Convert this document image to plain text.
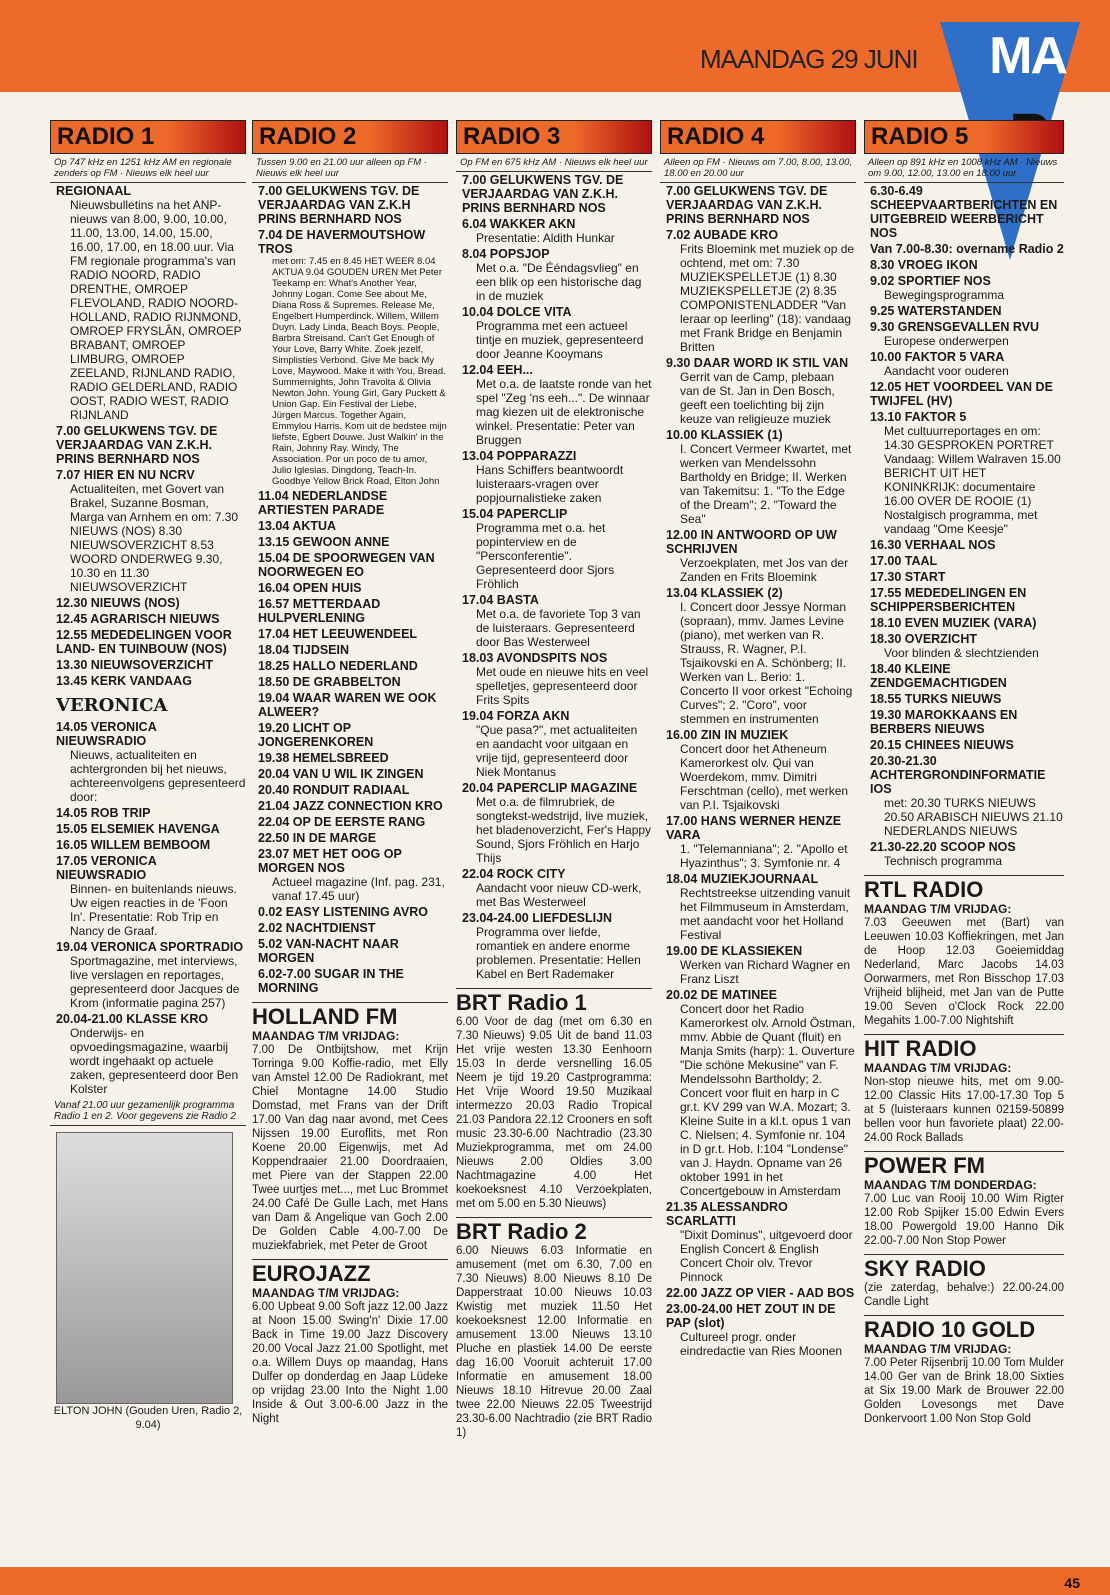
MAANDAG 29 JUNI MA
RADIO 1
Op 747 kHz en 1251 kHz AM en regionale zenders op FM · Nieuws elk heel uur
REGIONAAL
Nieuwsbulletins na het ANP-nieuws van 8.00, 9.00, 10.00, 11.00, 13.00, 14.00, 15.00, 16.00, 17.00, en 18.00 uur. Via FM regionale programma's van RADIO NOORD, RADIO DRENTHE, OMROEP FLEVOLAND, RADIO NOORD-HOLLAND, RADIO RIJNMOND, OMROEP FRYSLÂN, OMROEP BRABANT, OMROEP LIMBURG, OMROEP ZEELAND, RIJNLAND RADIO, RADIO GELDERLAND, RADIO OOST, RADIO WEST, RADIO RIJNLAND
7.00 GELUKWENS TGV. DE VERJAARDAG VAN Z.K.H. PRINS BERNHARD NOS
7.07 HIER EN NU NCRV
Actualiteiten, met Govert van Brakel, Suzanne Bosman, Marga van Arnhem en om: 7.30 NIEUWS (NOS) 8.30 NIEUWSOVERZICHT 8.53 WOORD ONDERWEG 9.30, 10.30 en 11.30 NIEUWSOVERZICHT
12.30 NIEUWS (NOS)
12.45 AGRARISCH NIEUWS
12.55 MEDEDELINGEN VOOR LAND- EN TUINBOUW (NOS)
13.30 NIEUWSOVERZICHT
13.45 KERK VANDAAG
VERONICA
14.05 VERONICA NIEUWSRADIO
Nieuws, actualiteiten en achtergronden bij het nieuws, achtereenvolgens gepresenteerd door:
14.05 ROB TRIP
15.05 ELSEMIEK HAVENGA
16.05 WILLEM BEMBOOM
17.05 VERONICA NIEUWSRADIO
Binnen- en buitenlands nieuws. Uw eigen reacties in de 'Foon In'. Presentatie: Rob Trip en Nancy de Graaf.
19.04 VERONICA SPORTRADIO
Sportmagazine, met interviews, live verslagen en reportages, gepresenteerd door Jacques de Krom (informatie pagina 257)
20.04-21.00 KLASSE KRO
Onderwijs- en opvoedingsmagazine, waarbij wordt ingehaakt op actuele zaken, gepresenteerd door Ben Kolster
Vanaf 21.00 uur gezamenlijk programma Radio 1 en 2. Voor gegevens zie Radio 2
ELTON JOHN (Gouden Uren, Radio 2, 9.04)
RADIO 2
Tussen 9.00 en 21.00 uur alleen op FM · Nieuws elk heel uur
7.00 GELUKWENS TGV. DE VERJAARDAG VAN Z.K.H PRINS BERNHARD NOS
7.04 DE HAVERMOUTSHOW TROS
met om: 7.45 en 8.45 HET WEER 8.04 AKTUA 9.04 GOUDEN UREN Met Peter Teekamp en: What's Another Year, Johnny Logan. Come See about Me, Diana Ross & Supremes. Release Me, Engelbert Humperdinck. Willem, Willem Duyn. Lady Linda, Beach Boys. People, Barbra Streisand. Can't Get Enough of Your Love, Barry White. Zoek jezelf, Simplisties Verbond. Give Me back My Love, Maywood. Make it with You, Bread. Summernights, John Travolta & Olivia Newton John. Young Girl, Gary Puckett & Union Gap. Ein Festival der Liebe, Jürgen Marcus. Together Again, Emmylou Harris. Kom uit de bedstee mijn liefste, Egbert Douwe. Just Walkin' in the Rain, Johnny Ray. Windy, The Association. Por un poco de tu amor, Julio Iglesias. Dingdong, Teach-In. Goodbye Yellow Brick Road, Elton John
11.04 NEDERLANDSE ARTIESTEN PARADE
13.04 AKTUA
13.15 GEWOON ANNE
15.04 DE SPOORWEGEN VAN NOORWEGEN EO
16.04 OPEN HUIS
16.57 METTERDAAD HULPVERLENING
17.04 HET LEEUWENDEEL
18.04 TIJDSEIN
18.25 HALLO NEDERLAND
18.50 DE GRABBELTON
19.04 WAAR WAREN WE OOK ALWEER?
19.20 LICHT OP JONGERENKOREN
19.38 HEMELSBREED
20.04 VAN U WIL IK ZINGEN
20.40 RONDUIT RADIAAL
21.04 JAZZ CONNECTION KRO
22.04 OP DE EERSTE RANG
22.50 IN DE MARGE
23.07 MET HET OOG OP MORGEN NOS
Actueel magazine (Inf. pag. 231, vanaf 17.45 uur)
0.02 EASY LISTENING AVRO
2.02 NACHTDIENST
5.02 VAN-NACHT NAAR MORGEN
6.02-7.00 SUGAR IN THE MORNING
HOLLAND FM
MAANDAG T/M VRIJDAG:
7.00 De Ontbijtshow, met Krijn Torringa 9.00 Koffie-radio, met Elly van Amstel 12.00 De Radiokrant, met Chiel Montagne 14.00 Studio Domstad, met Frans van der Drift 17.00 Van dag naar avond, met Cees Nijssen 19.00 Euroflits, met Ron Koene 20.00 Eigenwijs, met Ad Koppendraaier 21.00 Doordraaien, met Piere van der Stappen 22.00 Twee uurtjes met..., met Luc Brommet 24.00 Café De Gulle Lach, met Hans van Dam & Angelique van Goch 2.00 De Golden Cable 4.00-7.00 De muziekfabriek, met Peter de Groot
EUROJAZZ
MAANDAG T/M VRIJDAG:
6.00 Upbeat 9.00 Soft jazz 12.00 Jazz at Noon 15.00 Swing'n' Dixie 17.00 Back in Time 19.00 Jazz Discovery 20.00 Vocal Jazz 21.00 Spotlight, met o.a. Willem Duys op maandag, Hans Dulfer op donderdag en Jaap Lüdeke op vrijdag 23.00 Into the Night 1.00 Inside & Out 3.00-6.00 Jazz in the Night
RADIO 3
Op FM en 675 kHz AM · Nieuws elk heel uur
7.00 GELUKWENS TGV. DE VERJAARDAG VAN Z.K.H. PRINS BERNHARD NOS
6.04 WAKKER AKN
Presentatie: Aldith Hunkar
8.04 POPSJOP
Met o.a. "De Ééndagsvlieg" en een blik op een historische dag in de muziek
10.04 DOLCE VITA
Programma met een actueel tintje en muziek, gepresenteerd door Jeanne Kooymans
12.04 EEH...
Met o.a. de laatste ronde van het spel "Zeg 'ns eeh...". De winnaar mag kiezen uit de elektronische winkel. Presentatie: Peter van Bruggen
13.04 POPPARAZZI
Hans Schiffers beantwoordt luisteraars-vragen over popjournalistieke zaken
15.04 PAPERCLIP
Programma met o.a. het popinterview en de "Persconferentie". Gepresenteerd door Sjors Fröhlich
17.04 BASTA
Met o.a. de favoriete Top 3 van de luisteraars. Gepresenteerd door Bas Westerweel
18.03 AVONDSPITS NOS
Met oude en nieuwe hits en veel spelletjes, gepresenteerd door Frits Spits
19.04 FORZA AKN
"Que pasa?", met actualiteiten en aandacht voor uitgaan en vrije tijd, gepresenteerd door Niek Montanus
20.04 PAPERCLIP MAGAZINE
Met o.a. de filmrubriek, de songtekst-wedstrijd, live muziek, het bladenoverzicht, Fer's Happy Sound, Sjors Fröhlich en Harjo Thijs
22.04 ROCK CITY
Aandacht voor nieuw CD-werk, met Bas Westerweel
23.04-24.00 LIEFDESLIJN
Programma over liefde, romantiek en andere enorme problemen. Presentatie: Hellen Kabel en Bert Rademaker
BRT Radio 1
6.00 Voor de dag (met om 6.30 en 7.30 Nieuws) 9.05 Uit de band 11.03 Het vrije westen 13.30 Eenhoorn 15.03 In derde versnelling 16.05 Neem je tijd 19.20 Castprogramma: Het Vrije Woord 19.50 Muzikaal intermezzo 20.03 Radio Tropical 21.03 Pandora 22.12 Crooners en soft music 23.30-6.00 Nachtradio (23.30 Muziekprogramma, met om 24.00 Nieuws 2.00 Oldies 3.00 Nachtmagazine 4.00 Het koekoeksnest 4.10 Verzoekplaten, met om 5.00 en 5.30 Nieuws)
BRT Radio 2
6.00 Nieuws 6.03 Informatie en amusement (met om 6.30, 7.00 en 7.30 Nieuws) 8.00 Nieuws 8.10 De Dapperstraat 10.00 Nieuws 10.03 Kwistig met muziek 11.50 Het koekoeksnest 12.00 Informatie en amusement 13.00 Nieuws 13.10 Pluche en plastiek 14.00 De eerste dag 16.00 Vooruit achteruit 17.00 Informatie en amusement 18.00 Nieuws 18.10 Hitrevue 20.00 Zaal twee 22.00 Nieuws 22.05 Tweestrijd 23.30-6.00 Nachtradio (zie BRT Radio 1)
RADIO 4
Alleen op FM · Nieuws om 7.00, 8.00, 13.00, 18.00 en 20.00 uur
7.00 GELUKWENS TGV. DE VERJAARDAG VAN Z.K.H. PRINS BERNHARD NOS
7.02 AUBADE KRO
Frits Bloemink met muziek op de ochtend, met om: 7.30 MUZIEKSPELLETJE (1) 8.30 MUZIEKSPELLETJE (2) 8.35 COMPONISTENLADDER "Van leraar op leerling" (18): vandaag met Frank Bridge en Benjamin Britten
9.30 DAAR WORD IK STIL VAN
Gerrit van de Camp, plebaan van de St. Jan in Den Bosch, geeft een toelichting bij zijn keuze van religieuze muziek
10.00 KLASSIEK (1)
I. Concert Vermeer Kwartet, met werken van Mendelssohn Bartholdy en Bridge; II. Werken van Takemitsu: 1. "To the Edge of the Dream"; 2. "Toward the Sea"
12.00 IN ANTWOORD OP UW SCHRIJVEN
Verzoekplaten, met Jos van der Zanden en Frits Bloemink
13.04 KLASSIEK (2)
I. Concert door Jessye Norman (sopraan), mmv. James Levine (piano), met werken van R. Strauss, R. Wagner, P.I. Tsjaikovski en A. Schönberg; II. Werken van L. Berio: 1. Concerto II voor orkest "Echoing Curves"; 2. "Coro", voor stemmen en instrumenten
16.00 ZIN IN MUZIEK
Concert door het Atheneum Kamerorkest olv. Qui van Woerdekom, mmv. Dimitri Ferschtman (cello), met werken van P.I. Tsjaikovski
17.00 HANS WERNER HENZE VARA
1. "Telemanniana"; 2. "Apollo et Hyazinthus"; 3. Symfonie nr. 4
18.04 MUZIEKJOURNAAL
Rechtstreekse uitzending vanuit het Filmmuseum in Amsterdam, met aandacht voor het Holland Festival
19.00 DE KLASSIEKEN
Werken van Richard Wagner en Franz Liszt
20.02 DE MATINEE
Concert door het Radio Kamerorkest olv. Arnold Östman, mmv. Abbie de Quant (fluit) en Manja Smits (harp): 1. Ouverture "Die schöne Mekusine" van F. Mendelssohn Bartholdy; 2. Concert voor fluit en harp in C gr.t. KV 299 van W.A. Mozart; 3. Kleine Suite in a kl.t. opus 1 van C. Nielsen; 4. Symfonie nr. 104 in D gr.t. Hob. I:104 "Londense" van J. Haydn. Opname van 26 oktober 1991 in het Concertgebouw in Amsterdam
21.35 ALESSANDRO SCARLATTI
"Dixit Dominus", uitgevoerd door English Concert & English Concert Choir olv. Trevor Pinnock
22.00 JAZZ OP VIER - AAD BOS
23.00-24.00 HET ZOUT IN DE PAP (slot)
Cultureel progr. onder eindredactie van Ries Moonen
RADIO 5
Alleen op 891 kHz en 1008 kHz AM · Nieuws om 9.00, 12.00, 13.00 en 18.00 uur
6.30-6.49 SCHEEPVAARTBERICHTEN EN UITGEBREID WEERBERICHT NOS
Van 7.00-8.30: overname Radio 2
8.30 VROEG IKON
9.02 SPORTIEF NOS
Bewegingsprogramma
9.25 WATERSTANDEN
9.30 GRENSGEVALLEN RVU
Europese onderwerpen
10.00 FAKTOR 5 VARA
Aandacht voor ouderen
12.05 HET VOORDEEL VAN DE TWIJFEL (HV)
13.10 FAKTOR 5
Met cultuurreportages en om: 14.30 GESPROKEN PORTRET Vandaag: Willem Walraven 15.00 BERICHT UIT HET KONINKRIJK: documentaire 16.00 OVER DE ROOIE (1) Nostalgisch programma, met vandaag "Ome Keesje"
16.30 VERHAAL NOS
17.00 TAAL
17.30 START
17.55 MEDEDELINGEN EN SCHIPPERSBERICHTEN
18.10 EVEN MUZIEK (VARA)
18.30 OVERZICHT
Voor blinden & slechtzienden
18.40 KLEINE ZENDGEMACHTIGDEN
18.55 TURKS NIEUWS
19.30 MAROKKAANS EN BERBERS NIEUWS
20.15 CHINEES NIEUWS
20.30-21.30 ACHTERGRONDINFORMATIE IOS
met: 20.30 TURKS NIEUWS 20.50 ARABISCH NIEUWS 21.10 NEDERLANDS NIEUWS
21.30-22.20 SCOOP NOS
Technisch programma
RTL RADIO
MAANDAG T/M VRIJDAG:
7.03 Geeuwen met (Bart) van Leeuwen 10.03 Koffiekringen, met Jan de Hoop 12.03 Goeiemiddag Nederland, Marc Jacobs 14.03 Oorwarmers, met Ron Bisschop 17.03 Vrijheid blijheid, met Jan van de Putte 19.00 Seven o'Clock Rock 22.00 Megahits 1.00-7.00 Nightshift
HIT RADIO
MAANDAG T/M VRIJDAG:
Non-stop nieuwe hits, met om 9.00-12.00 Classic Hits 17.00-17.30 Top 5 at 5 (luisteraars kunnen 02159-50899 bellen voor hun favoriete plaat) 22.00-24.00 Rock Ballads
POWER FM
MAANDAG T/M DONDERDAG:
7.00 Luc van Rooij 10.00 Wim Rigter 12.00 Rob Spijker 15.00 Edwin Evers 18.00 Powergold 19.00 Hanno Dik 22.00-7.00 Non Stop Power
SKY RADIO
(zie zaterdag, behalve:) 22.00-24.00 Candle Light
RADIO 10 GOLD
MAANDAG T/M VRIJDAG:
7.00 Peter Rijsenbrij 10.00 Tom Mulder 14.00 Ger van de Brink 18.00 Sixties at Six 19.00 Mark de Brouwer 22.00 Golden Lovesongs met Dave Donkervoort 1.00 Non Stop Gold
45
